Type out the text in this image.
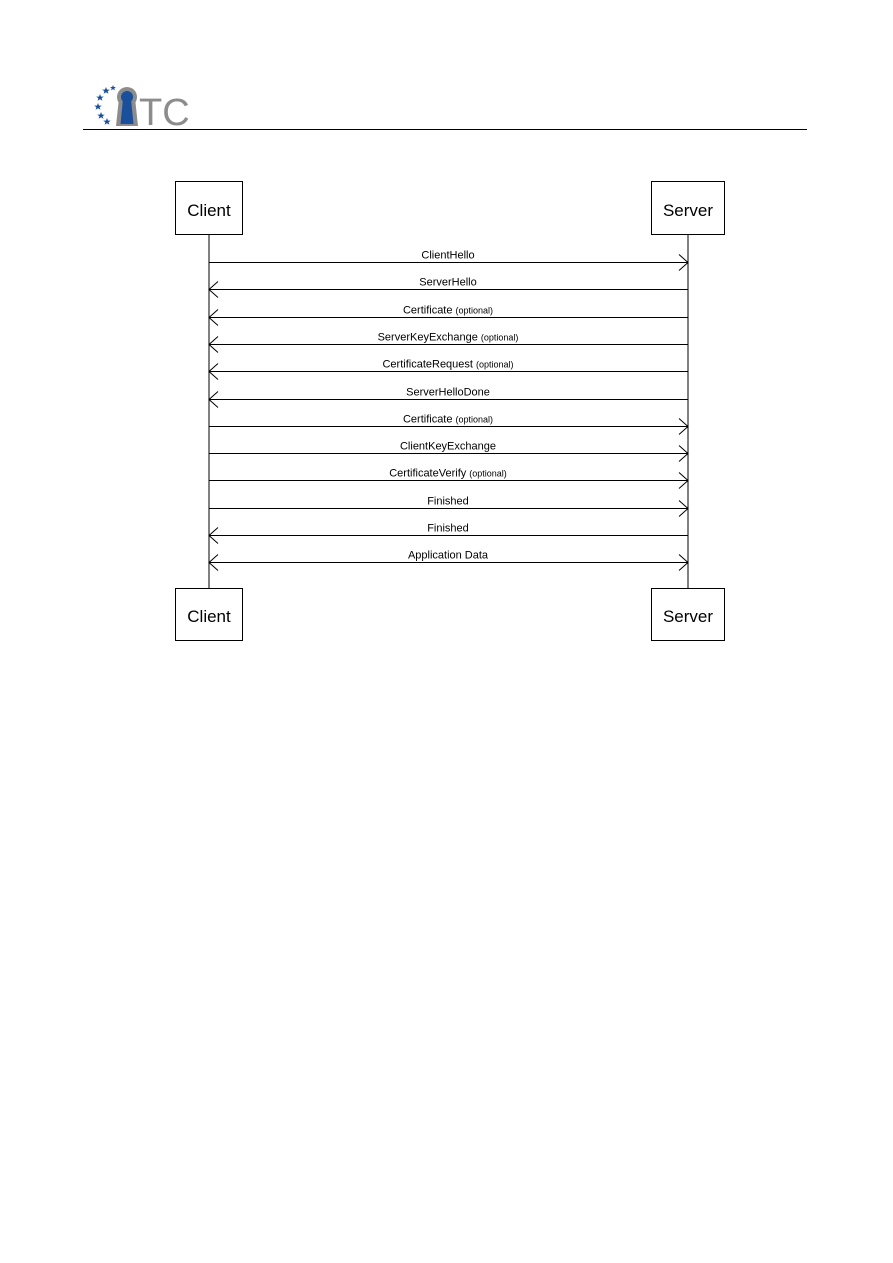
TC
Client	Server
Client	Server
ClientHello
ServerHello
Certificate (optional)
ServerKeyExchange (optional)
CertificateRequest (optional)
ServerHelloDone
Certificate (optional)
ClientKeyExchange
CertificateVerify (optional)
Finished
Finished
Application Data
